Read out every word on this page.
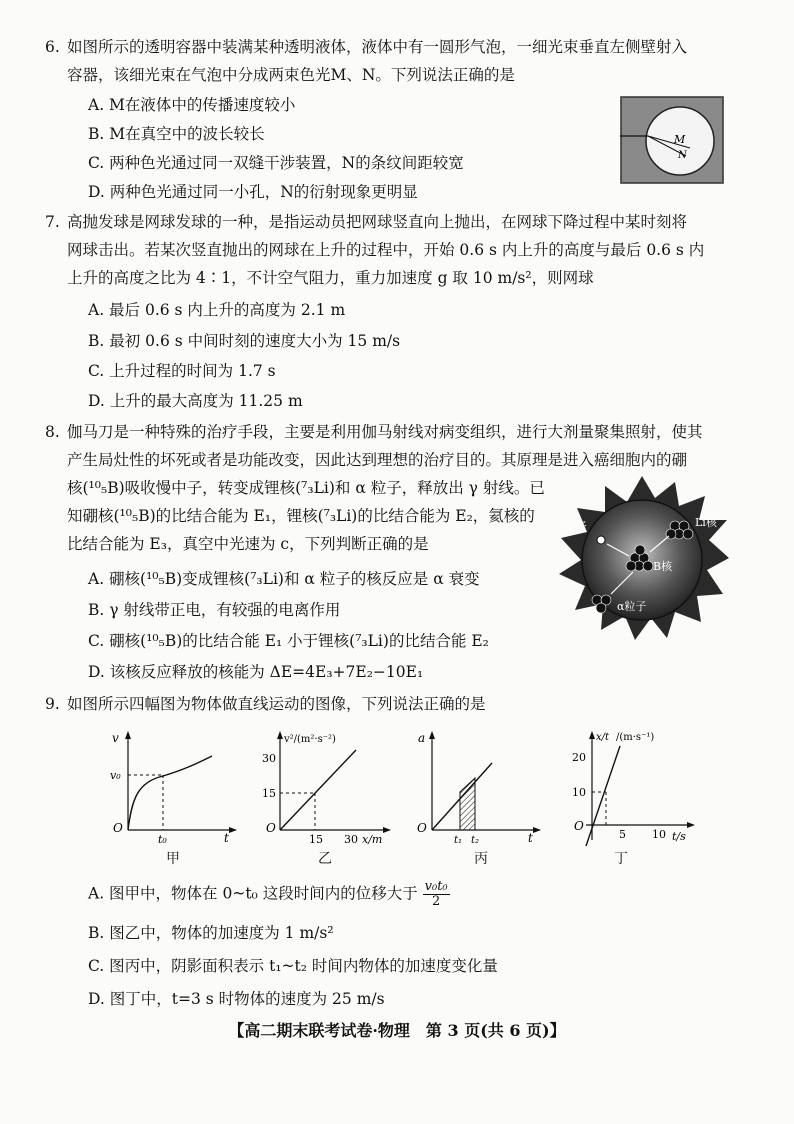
6. 如图所示的透明容器中装满某种透明液体，液体中有一圆形气泡，一细光束垂直左侧壁射入
容器，该细光束在气泡中分成两束色光M、N。下列说法正确的是
A. M在液体中的传播速度较小
B. M在真空中的波长较长
C. 两种色光通过同一双缝干涉装置，N的条纹间距较宽
D. 两种色光通过同一小孔，N的衍射现象更明显
M
N
7. 高抛发球是网球发球的一种，是指运动员把网球竖直向上抛出，在网球下降过程中某时刻将
网球击出。若某次竖直抛出的网球在上升的过程中，开始 0.6 s 内上升的高度与最后 0.6 s 内
上升的高度之比为 4∶1，不计空气阻力，重力加速度 g 取 10 m/s²，则网球
A. 最后 0.6 s 内上升的高度为 2.1 m
B. 最初 0.6 s 中间时刻的速度大小为 15 m/s
C. 上升过程的时间为 1.7 s
D. 上升的最大高度为 11.25 m
8. 伽马刀是一种特殊的治疗手段，主要是利用伽马射线对病变组织，进行大剂量聚集照射，使其
产生局灶性的坏死或者是功能改变，因此达到理想的治疗目的。其原理是进入癌细胞内的硼
核(¹⁰₅B)吸收慢中子，转变成锂核(⁷₃Li)和 α 粒子，释放出 γ 射线。已
知硼核(¹⁰₅B)的比结合能为 E₁，锂核(⁷₃Li)的比结合能为 E₂，氦核的
比结合能为 E₃，真空中光速为 c，下列判断正确的是
A. 硼核(¹⁰₅B)变成锂核(⁷₃Li)和 α 粒子的核反应是 α 衰变
B. γ 射线带正电，有较强的电离作用
C. 硼核(¹⁰₅B)的比结合能 E₁ 小于锂核(⁷₃Li)的比结合能 E₂
D. 该核反应释放的核能为 ΔE=4E₃+7E₂−10E₁
中子	Li核
B核
α粒子
9. 如图所示四幅图为物体做直线运动的图像，下列说法正确的是
v
v₀
O
t₀	t
甲
v²/(m²·s⁻²)
30
15
O
15 30 x/m
乙
a
O
t₁ t₂	t
丙
x/t /(m·s⁻¹)
20
10
O
5 10 t/s
丁
A. 图甲中，物体在 0~t₀ 这段时间内的位移大于 $\frac{\text{v₀t₀}}{2}$
B. 图乙中，物体的加速度为 1 m/s²
C. 图丙中，阴影面积表示 t₁~t₂ 时间内物体的加速度变化量
D. 图丁中，t=3 s 时物体的速度为 25 m/s
【高二期末联考试卷·物理　第 3 页(共 6 页)】
